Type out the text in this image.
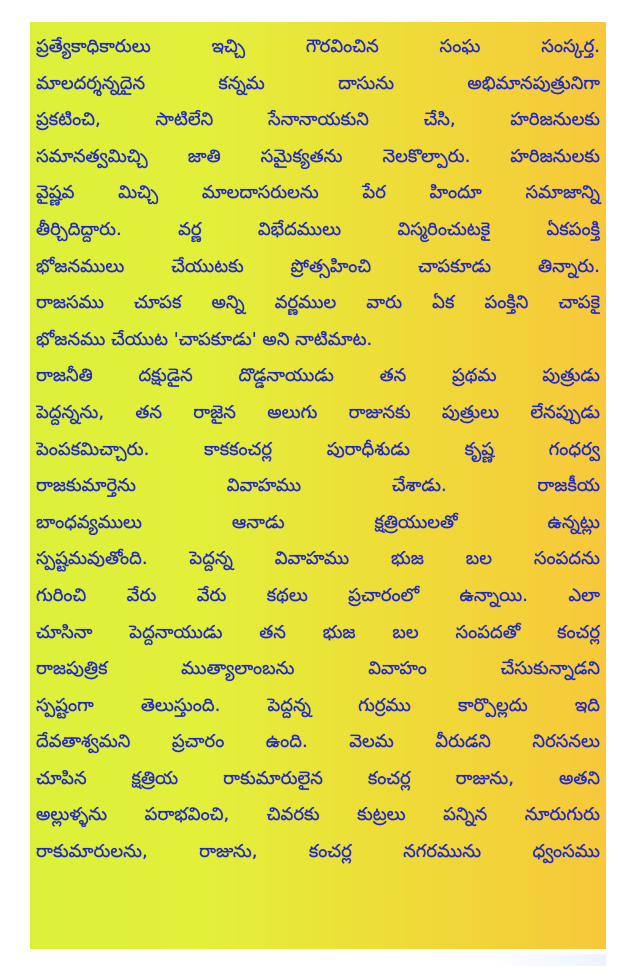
ప్రత్యేకాధికారులు ఇచ్చి గౌరవించిన సంఘ సంస్కర్త.
మాలదర్శన్నదైన కన్నమ దాసును అభిమానపుత్రునిగా
ప్రకటించి, సాటిలేని సేనానాయకుని చేసి, హరిజనులకు
సమానత్వమిచ్చి జాతి సమైక్యతను నెలకొల్పారు. హరిజనులకు
వైష్ణవ మిచ్చి మాలదాసరులను పేర హిందూ సమాజాన్ని
తీర్చిదిద్దారు. వర్ణ విభేదములు విస్మరించుటకై ఏకపంక్తి
భోజనములు చేయుటకు ప్రోత్సహించి చాపకూడు తిన్నారు.
రాజసము చూపక అన్ని వర్ణముల వారు ఏక పంక్తిని చాపకై
భోజనము చేయుట 'చాపకూడు' అని నాటిమాట.
రాజనీతి దక్షుడైన దొడ్డనాయుడు తన ప్రథమ పుత్రుడు
పెద్దన్నను, తన రాజైన అలుగు రాజునకు పుత్రులు లేనప్పుడు
పెంపకమిచ్చారు. కాకకంచర్ల పురాధీశుడు కృష్ణ గంధర్వ
రాజకుమార్తెను వివాహము చేశాడు. రాజకీయ
బాంధవ్యములు ఆనాడు క్షత్రియులతో ఉన్నట్లు
స్పష్టమవుతోంది. పెద్దన్న వివాహము భుజ బల సంపదను
గురించి వేరు వేరు కథలు ప్రచారంలో ఉన్నాయి. ఎలా
చూసినా పెద్దనాయుడు తన భుజ బల సంపదతో కంచర్ల
రాజపుత్రిక ముత్యాలాంబను వివాహం చేసుకున్నాడని
స్పష్టంగా తెలుస్తుంది. పెద్దన్న గుర్రము కార్పొల్లదు ఇది
దేవతాశ్వమని ప్రచారం ఉంది. వెలమ వీరుడని నిరసనలు
చూపిన క్షత్రియ రాకుమారులైన కంచర్ల రాజును, అతని
అల్లుళ్ళను పరాభవించి, చివరకు కుట్రలు పన్నిన నూరుగురు
రాకుమారులను, రాజును, కంచర్ల నగరమును ధ్వంసము
